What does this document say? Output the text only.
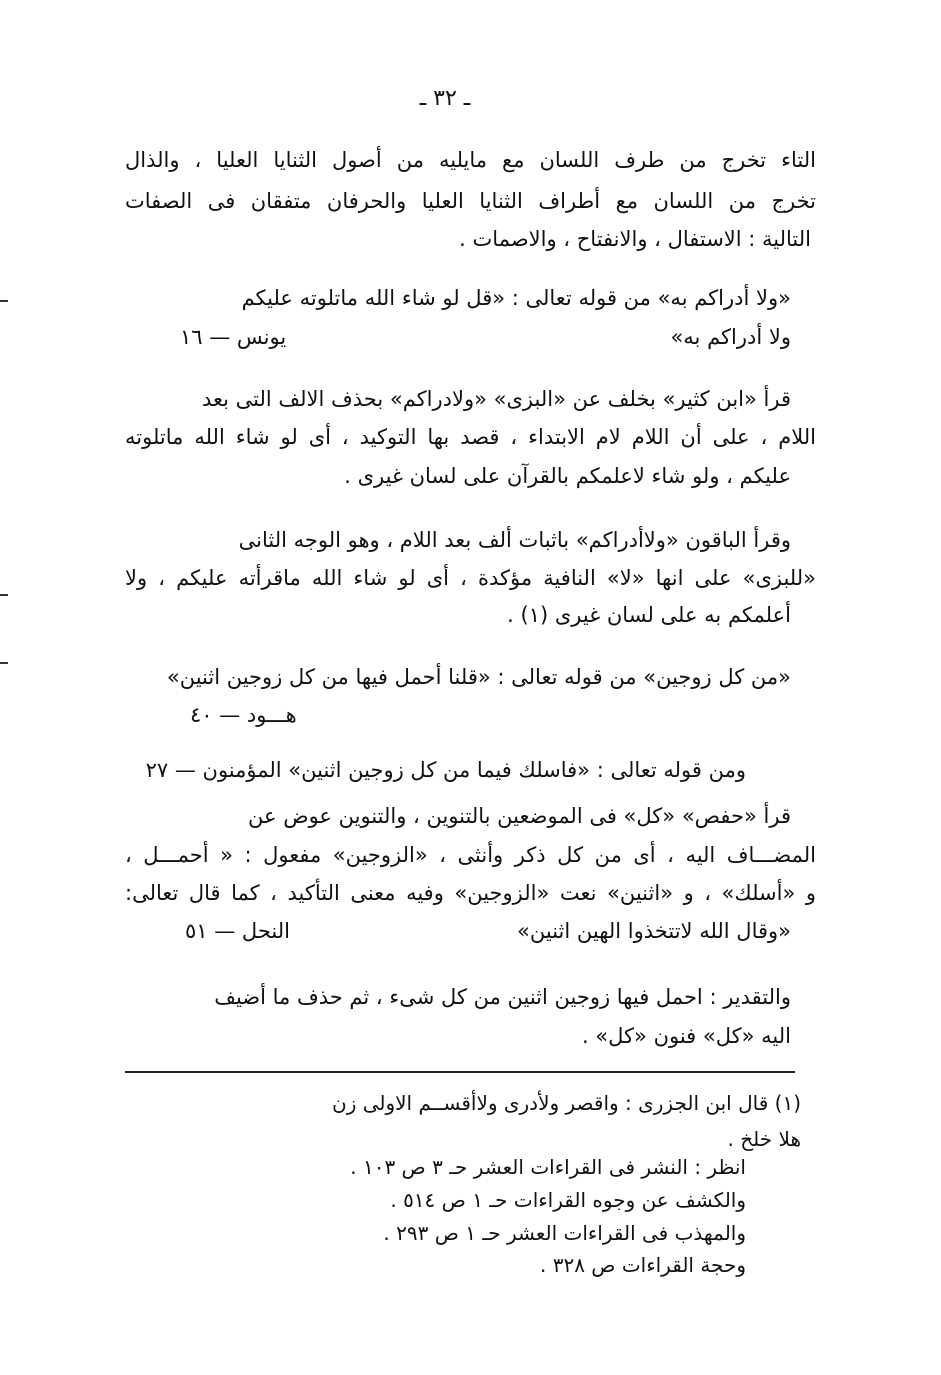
ـ ٣٢ ـ
التاء تخرج من طرف اللسان مع مايليه من أصول الثنايا العليا ، والذال
تخرج من اللسان مع أطراف الثنايا العليا والحرفان متفقان فى الصفات
التالية : الاستفال ، والانفتاح ، والاصمات .
«ولا أدراكم به» من قوله تعالى : «قل لو شاء الله ماتلوته عليكم
ولا أدراكم به»
يونس — ١٦
قرأ «ابن كثير» بخلف عن «البزى» «ولادراكم» بحذف الالف التى بعد
اللام ، على أن اللام لام الابتداء ، قصد بها التوكيد ، أى لو شاء الله ماتلوته
عليكم ، ولو شاء لاعلمكم بالقرآن على لسان غيرى .
وقرأ الباقون «ولاأدراكم» باثبات ألف بعد اللام ، وهو الوجه الثانى
«للبزى» على انها «لا» النافية مؤكدة ، أى لو شاء الله ماقرأته عليكم ، ولا
أعلمكم به على لسان غيرى (١) .
«من كل زوجين» من قوله تعالى : «قلنا أحمل فيها من كل زوجين اثنين»
هـــود — ٤٠
ومن قوله تعالى : «فاسلك فيما من كل زوجين اثنين» المؤمنون — ٢٧
قرأ «حفص» «كل» فى الموضعين بالتنوين ، والتنوين عوض عن
المضـــاف اليه ، أى من كل ذكر وأنثى ، «الزوجين» مفعول : « أحمـــل ،
و «أسلك» ، و «اثنين» نعت «الزوجين» وفيه معنى التأكيد ، كما قال تعالى:
«وقال الله لاتتخذوا الهين اثنين»
النحل — ٥١
والتقدير : احمل فيها زوجين اثنين من كل شىء ، ثم حذف ما أضيف
اليه «كل» فنون «كل» .
(١) قال ابن الجزرى : واقصر ولأدرى ولاأقســم الاولى زن
هلا خلخ .
انظر : النشر فى القراءات العشر حـ ٣ ص ١٠٣ .
والكشف عن وجوه القراءات حـ ١ ص ٥١٤ .
والمهذب فى القراءات العشر حـ ١ ص ٢٩٣ .
وحجة القراءات ص ٣٢٨ .
